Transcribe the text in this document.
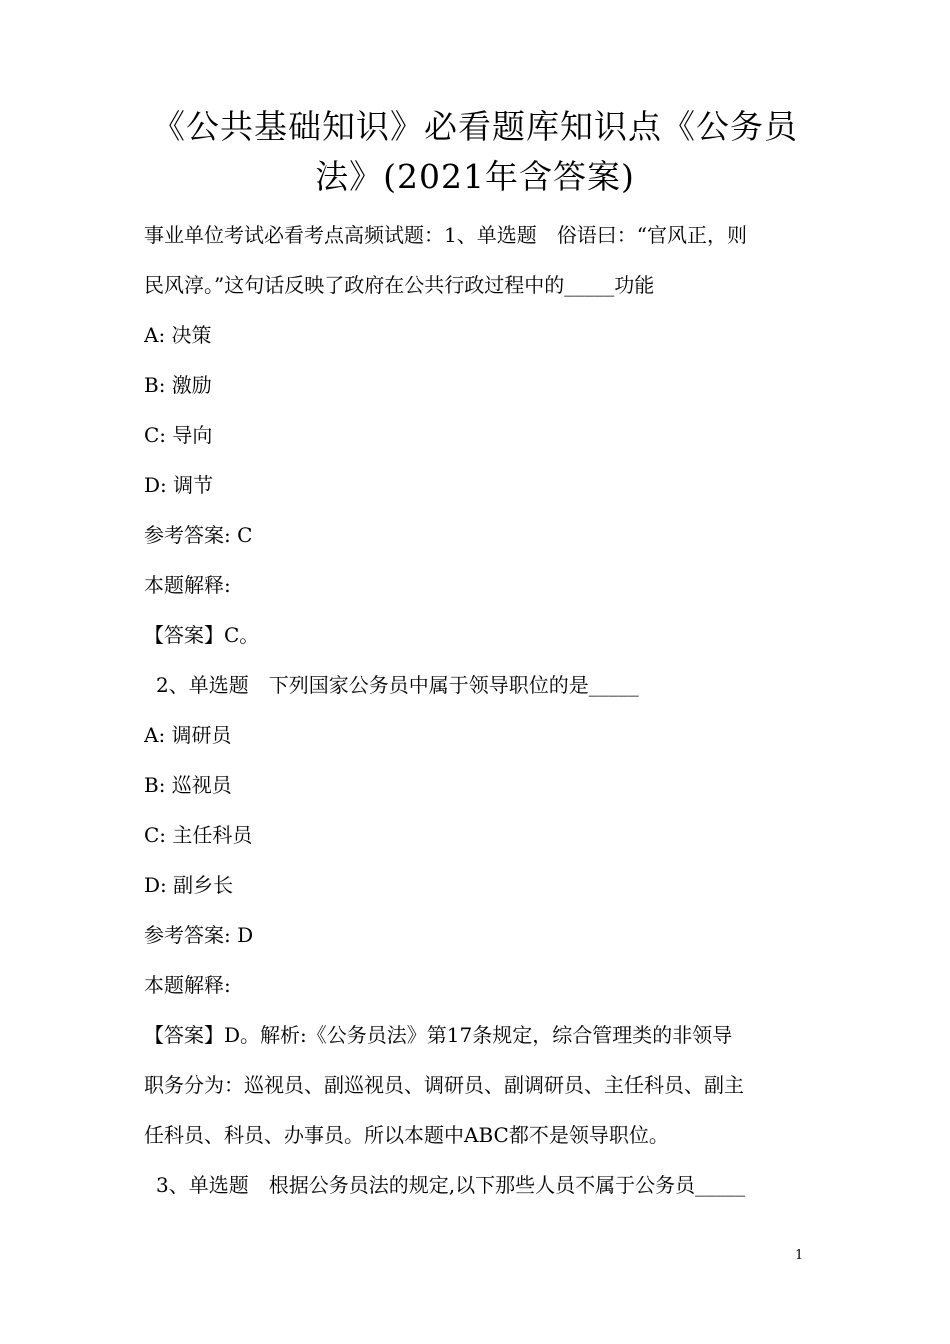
《公共基础知识》必看题库知识点《公务员
法》(2021年含答案)
事业单位考试必看考点高频试题：1、单选题　俗语曰：“官风正，则
民风淳。”这句话反映了政府在公共行政过程中的_____功能
A: 决策
B: 激励
C: 导向
D: 调节
参考答案: C
本题解释:
【答案】C。
2、单选题　下列国家公务员中属于领导职位的是_____
A: 调研员
B: 巡视员
C: 主任科员
D: 副乡长
参考答案: D
本题解释:
【答案】D。解析:《公务员法》第17条规定，综合管理类的非领导
职务分为：巡视员、副巡视员、调研员、副调研员、主任科员、副主
任科员、科员、办事员。所以本题中ABC都不是领导职位。
3、单选题　根据公务员法的规定,以下那些人员不属于公务员_____
1
